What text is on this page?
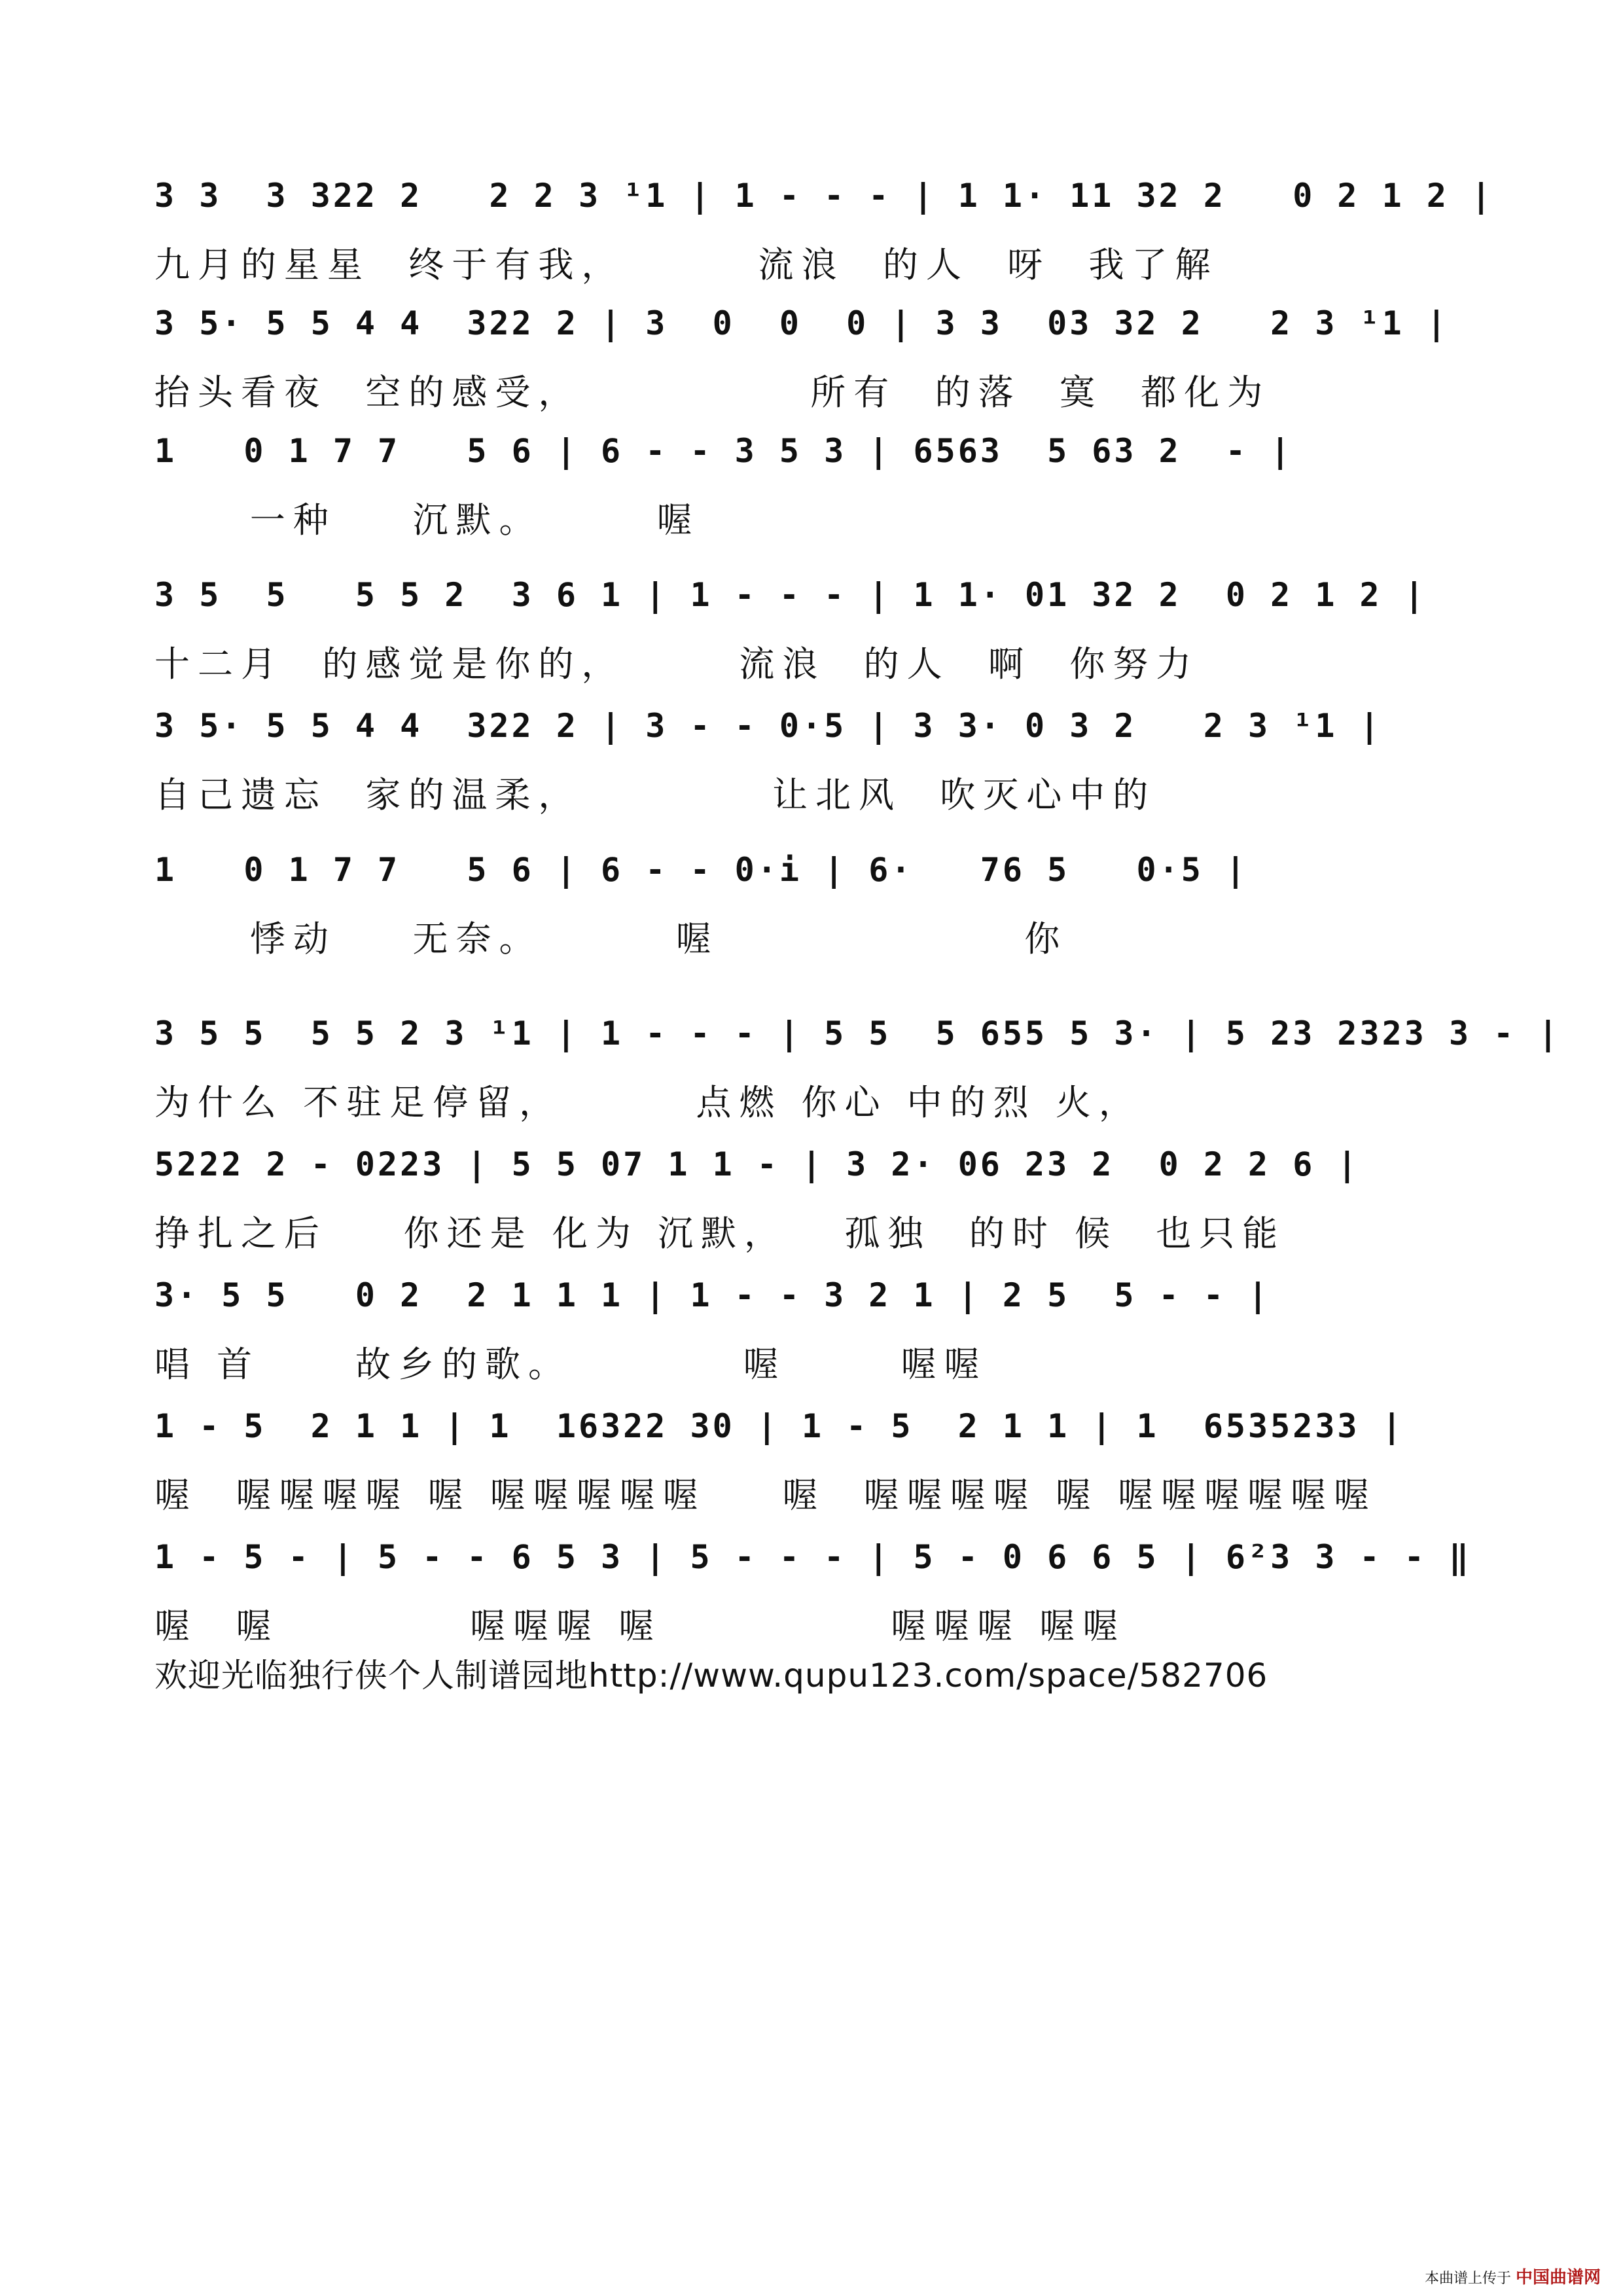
3 3  3 322 2   2 2 3 ¹1 | 1 - - - | 1 1· 11 32 2   0 2 1 2 |
九月的星星  终于有我，       流浪  的人  呀  我了解
3 5· 5 5 4 4  322 2 | 3  0  0  0 | 3 3  03 32 2   2 3 ¹1 |
抬头看夜  空的感受，            所有  的落  寞  都化为
1   0 1 7 7   5 6 | 6 - - 3 5 3 | 6563  5 63 2  - |
一种    沉默。      喔
3 5  5   5 5 2  3 6 1 | 1 - - - | 1 1· 01 32 2  0 2 1 2 |
十二月  的感觉是你的，      流浪  的人  啊  你努力
3 5· 5 5 4 4  322 2 | 3 - - 0·5 | 3 3· 0 3 2   2 3 ¹1 |
自己遗忘  家的温柔，          让北风  吹灭心中的
1   0 1 7 7   5 6 | 6 - - 0·i | 6·   76 5   0·5 |
悸动    无奈。       喔                你
3 5 5  5 5 2 3 ¹1 | 1 - - - | 5 5  5 655 5 3· | 5 23 2323 3 - |
为什么 不驻足停留，       点燃 你心 中的烈 火，
5222 2 - 0223 | 5 5 07 1 1 - | 3 2· 06 23 2  0 2 2 6 |
挣扎之后    你还是 化为 沉默，   孤独  的时 候  也只能
3· 5 5   0 2  2 1 1 1 | 1 - - 3 2 1 | 2 5  5 - - |
唱 首     故乡的歌。         喔      喔喔
1 - 5  2 1 1 | 1  16322 30 | 1 - 5  2 1 1 | 1  6535233 |
喔  喔喔喔喔 喔 喔喔喔喔喔    喔  喔喔喔喔 喔 喔喔喔喔喔喔
1 - 5 - | 5 - - 6 5 3 | 5 - - - | 5 - 0 6 6 5 | 6²3 3 - - ‖
喔  喔          喔喔喔 喔            喔喔喔 喔喔
欢迎光临独行侠个人制谱园地http://www.qupu123.com/space/582706
本曲谱上传于 中国曲谱网
